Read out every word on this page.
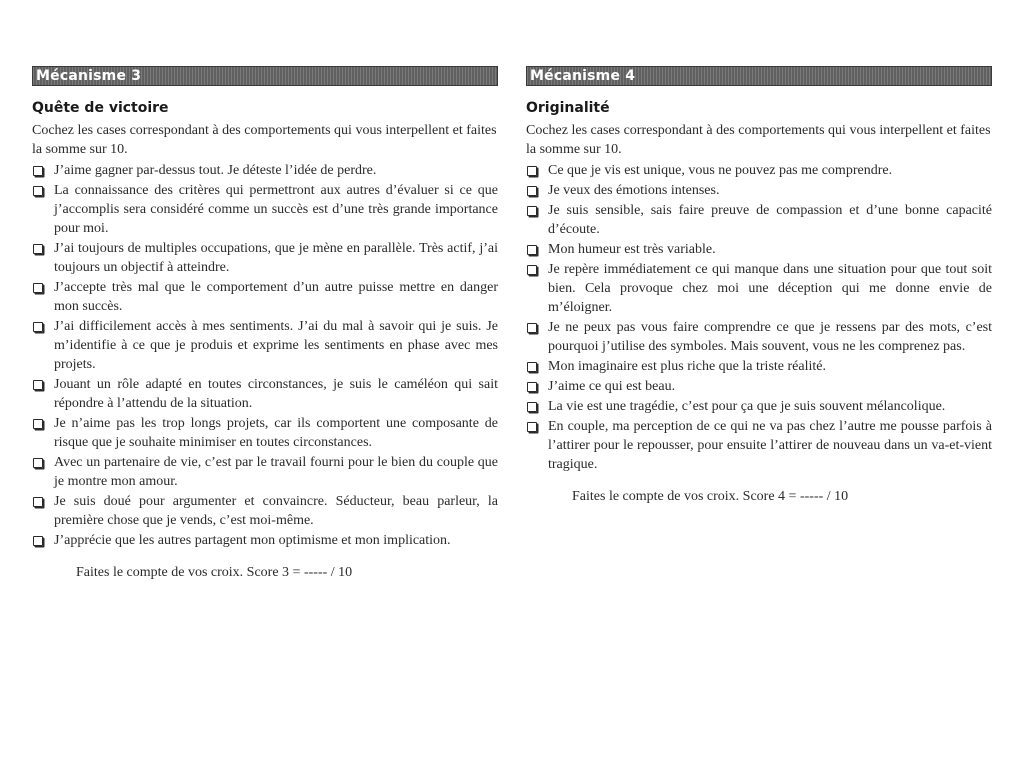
Mécanisme 3
Quête de victoire

Cochez les cases correspondant à des comportements qui vous interpellent et faites la somme sur 10.

J’aime gagner par-dessus tout. Je déteste l’idée de perdre.
La connaissance des critères qui permettront aux autres d’évaluer si ce que j’accomplis sera considéré comme un succès est d’une très grande importance pour moi.
J’ai toujours de multiples occupations, que je mène en parallèle. Très actif, j’ai toujours un objectif à atteindre.
J’accepte très mal que le comportement d’un autre puisse mettre en danger mon succès.
J’ai difficilement accès à mes sentiments. J’ai du mal à savoir qui je suis. Je m’identifie à ce que je produis et exprime les sentiments en phase avec mes projets.
Jouant un rôle adapté en toutes circonstances, je suis le caméléon qui sait répondre à l’attendu de la situation.
Je n’aime pas les trop longs projets, car ils comportent une composante de risque que je souhaite minimiser en toutes circonstances.
Avec un partenaire de vie, c’est par le travail fourni pour le bien du couple que je montre mon amour.
Je suis doué pour argumenter et convaincre. Séducteur, beau parleur, la première chose que je vends, c’est moi-même.
J’apprécie que les autres partagent mon optimisme et mon implication.
Faites le compte de vos croix. Score 3 = ----- / 10
Mécanisme 4
Originalité

Cochez les cases correspondant à des comportements qui vous interpellent et faites la somme sur 10.

Ce que je vis est unique, vous ne pouvez pas me comprendre.
Je veux des émotions intenses.
Je suis sensible, sais faire preuve de compassion et d’une bonne capacité d’écoute.
Mon humeur est très variable.
Je repère immédiatement ce qui manque dans une situation pour que tout soit bien. Cela provoque chez moi une déception qui me donne envie de m’éloigner.
Je ne peux pas vous faire comprendre ce que je ressens par des mots, c’est pourquoi j’utilise des symboles. Mais souvent, vous ne les comprenez pas.
Mon imaginaire est plus riche que la triste réalité.
J’aime ce qui est beau.
La vie est une tragédie, c’est pour ça que je suis souvent mélancolique.
En couple, ma perception de ce qui ne va pas chez l’autre me pousse parfois à l’attirer pour le repousser, pour ensuite l’attirer de nouveau dans un va-et-vient tragique.
Faites le compte de vos croix. Score 4 = ----- / 10
